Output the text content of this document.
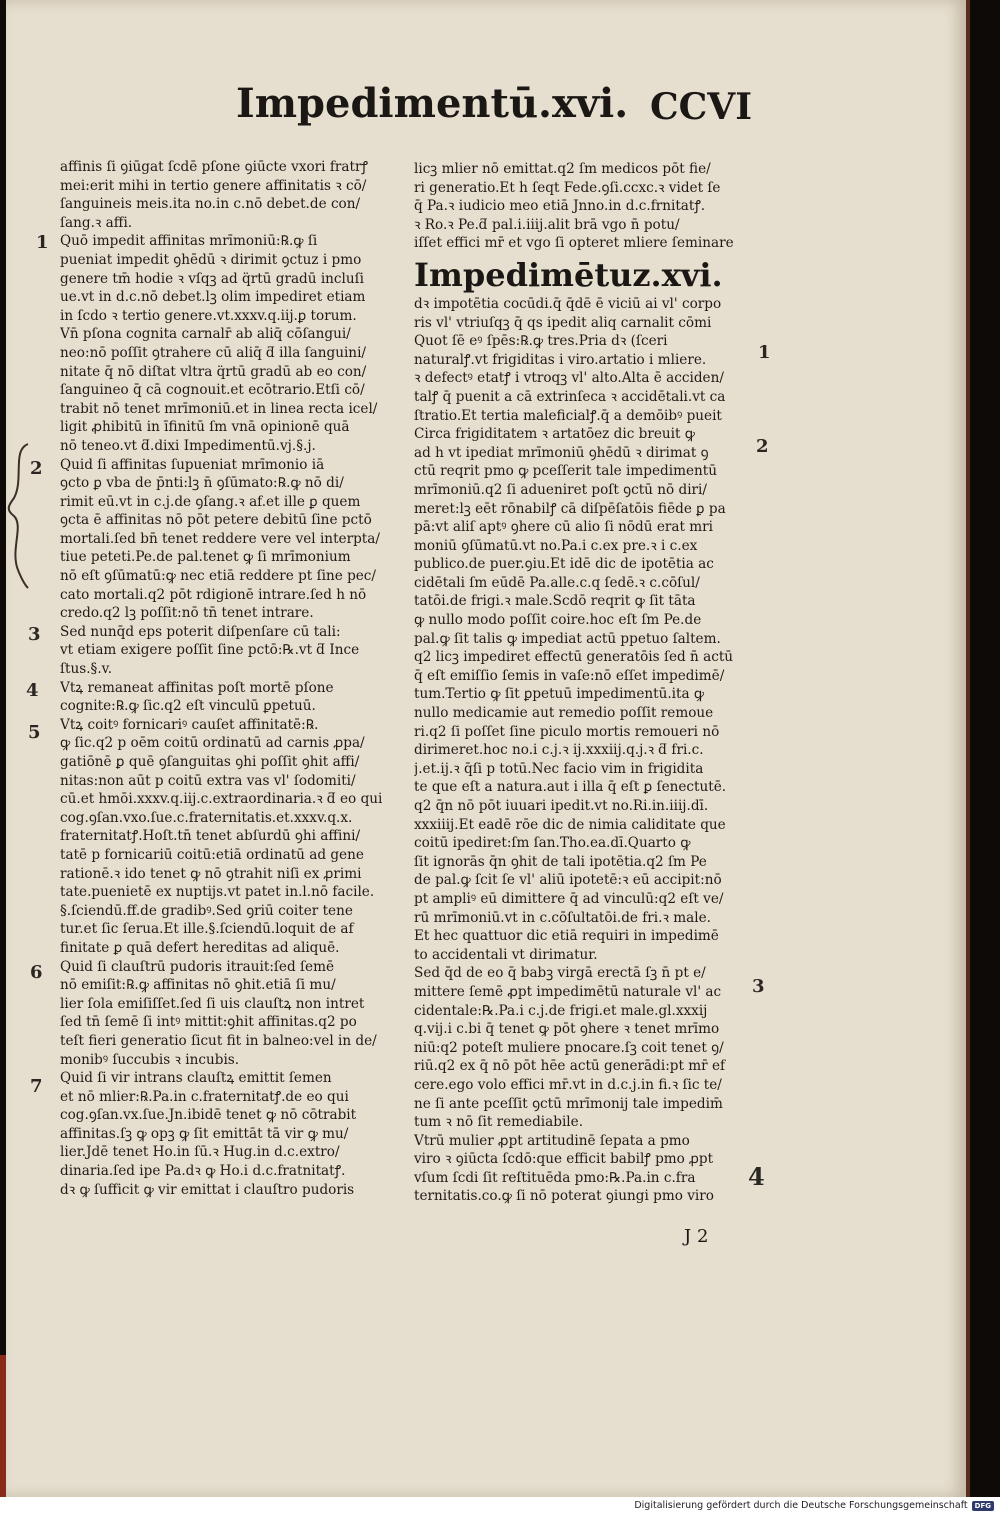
Impedimentū.xvi. CCVI
affinis ſi ꝯiūgat ſcdē pſone ꝯiūcte vxori fratrꝭ
mei:erit mihi in tertio genere affinitatis ꝛ cō/
ſanguineis meis.ita no.in c.nō debet.de con/
ſang.ꝛ affi.
Quō impedit affinitas mrīmoniū:℞.ꝙ ſi
pueniat impedit ꝯhēdū ꝛ dirimit ꝯctuz i pmo
genere tm̄ hodie ꝛ vſqꝫ ad q̈rtū gradū incluſi
ue.vt in d.c.nō debet.lꝫ olim impediret etiam
in ſcdo ꝛ tertio genere.vt.xxxv.q.iij.ꝑ torum.
Vn̄ pſona cognita carnalr̄ ab aliq̄ cōſangui/
neo:nō poſſit ꝯtrahere cū aliq̄ ƌ illa ſanguini/
nitate q̄ nō diſtat vltra q̈rtū gradū ab eo con/
ſanguineo q̄ cā cognouit.et ecōtrario.Etſi cō/
trabit nō tenet mrīmoniū.et in linea recta icel/
ligit ꝓhibitū in īfinitū ſm vnā opinionē quā
nō teneo.vt ƌ.dixi Impedimentū.vj.§.j.
Quid ſi affinitas ſupueniat mrīmonio iā
ꝯcto ꝑ vba de p̄nti:lꝫ n̄ ꝯſūmato:℞.ꝙ nō di/
rimit eū.vt in c.j.de ꝯſang.ꝛ af.et ille ꝑ quem
ꝯcta ē affinitas nō pōt petere debitū ſine pctō
mortali.ſed bn̄ tenet reddere vere vel interpta/
tiue peteti.Pe.de pal.tenet ꝙ ſi mrīmonium
nō eſt ꝯſūmatū:ꝙ nec etiā reddere pt ſine pec/
cato mortali.q2 pōt rdigionē intrare.ſed h nō
credo.q2 lꝫ poſſit:nō tn̄ tenet intrare.
Sed nunq̄d eps poterit diſpenſare cū tali:
vt etiam exigere poſſit ſine pctō:℞.vt ƌ Ince
ſtus.§.v.
Vtꝝ remaneat affinitas poſt mortē pſone
cognite:℞.ꝙ ſic.q2 eſt vinculū ꝑpetuū.
Vtꝝ coitꝰ fornicariꝰ cauſet affinitatē:℞.
ꝙ ſic.q2 p oēm coitū ordinatū ad carnis ꝓpa/
gatiōnē ꝑ quē ꝯſanguitas ꝯhi poſſit ꝯhit affi/
nitas:non aūt p coitū extra vas vl' ſodomiti/
cū.et hmōi.xxxv.q.iij.c.extraordinaria.ꝛ ƌ eo qui
cog.ꝯſan.vxo.ſue.c.fraternitatis.et.xxxv.q.x.
fraternitatꝭ.Hoſt.tn̄ tenet abſurdū ꝯhi affini/
tatē p fornicariū coitū:etiā ordinatū ad gene
rationē.ꝛ ido tenet ꝙ nō ꝯtrahit niſi ex ꝓrimi
tate.puenietē ex nuptijs.vt patet in.l.nō facile.
§.ſciendū.ff.de gradibꝰ.Sed ꝯriū coiter tene
tur.et ſic ſerua.Et ille.§.ſciendū.loquit de af
finitate ꝑ quā defert hereditas ad aliquē.
Quid ſi clauſtrū pudoris itrauit:ſed ſemē
nō emiſit:℞.ꝙ affinitas nō ꝯhit.etiā ſi mu/
lier ſola emiſiſſet.ſed ſi uis clauſtꝝ non intret
ſed tn̄ ſemē ſi intꝰ mittit:ꝯhit affinitas.q2 po
teſt fieri generatio ſicut fit in balneo:vel in de/
monibꝰ ſuccubis ꝛ incubis.
Quid ſi vir intrans clauſtꝝ emittit ſemen
et nō mlier:℞.Pa.in c.fraternitatꝭ.de eo qui
cog.ꝯſan.vx.ſue.Jn.ibidē tenet ꝙ nō cōtrabit
affinitas.ſꝫ ꝙ opꝫ ꝙ ſit emittāt tā vir ꝙ mu/
lier.Jdē tenet Ho.in ſū.ꝛ Hug.in d.c.extro/
dinaria.ſed ipe Pa.dꝛ ꝙ Ho.i d.c.fratnitatꝭ.
dꝛ ꝙ ſufficit ꝙ vir emittat i clauſtro pudoris
licꝫ mlier nō emittat.q2 ſm medicos pōt fie/
ri generatio.Et h ſeqt Fede.ꝯſi.ccxc.ꝛ videt ſe
q̄ Pa.ꝛ iudicio meo etiā Jnno.in d.c.frnitatꝭ.
ꝛ Ro.ꝛ Pe.ƌ pal.i.iiij.alit brā vgo n̄ potu/
iſſet effici mr̄ et vgo ſi opteret mliere ſeminare
Impedimētuz.xvi.
dꝛ impotētia cocūdi.q̄ q̄dē ē viciū ai vl' corpo
ris vl' vtriuſqꝫ q̄ qs ipedit aliq carnalit cōmi
Quot ſē eꝰ ſpēs:℞.ꝙ tres.Pria dꝛ (ſceri
naturalꝭ.vt frigiditas i viro.artatio i mliere.
ꝛ defectꝰ etatꝭ i vtroqꝫ vl' alto.Alta ē acciden/
talꝭ q̄ puenit a cā extrinſeca ꝛ accidētali.vt ca
ſtratio.Et tertia maleficialꝭ.q̄ a demōibꝰ pueit
Circa frigiditatem ꝛ artatōez dic breuit ꝙ
ad h vt ipediat mrīmoniū ꝯhēdū ꝛ dirimat ꝯ
ctū reqrit pmo ꝙ pceſſerit tale impedimentū
mrīmoniū.q2 ſi adueniret poſt ꝯctū nō diri/
meret:lꝫ eēt rōnabilꝭ cā diſpēſatōis fiēde ꝑ pa
pā:vt aliſ aptꝰ ꝯhere cū alio ſi nōdū erat mri
moniū ꝯſūmatū.vt no.Pa.i c.ex pre.ꝛ i c.ex
publico.de puer.ꝯiu.Et idē dic de ipotētia ac
cidētali ſm eūdē Pa.alle.c.q ſedē.ꝛ c.cōſul/
tatōi.de frigi.ꝛ male.Scdō reqrit ꝙ ſit tāta
ꝙ nullo modo poſſit coire.hoc eſt ſm Pe.de
pal.ꝙ ſit talis ꝙ impediat actū ppetuo ſaltem.
q2 licꝫ impediret effectū generatōis ſed n̄ actū
q̄ eſt emiſſio ſemis in vaſe:nō eſſet impedimē/
tum.Tertio ꝙ ſit ꝑpetuū impedimentū.ita ꝙ
nullo medicamie aut remedio poſſit remoue
ri.q2 ſi poſſet ſine piculo mortis remoueri nō
dirimeret.hoc no.i c.j.ꝛ ij.xxxiij.q.j.ꝛ ƌ fri.c.
j.et.ij.ꝛ q̄ſi p totū.Nec facio vim in frigidita
te que eſt a natura.aut i illa q̄ eſt ꝑ ſenectutē.
q2 q̄n nō pōt iuuari ipedit.vt no.Ri.in.iiij.dī.
xxxiiij.Et eadē rōe dic de nimia caliditate que
coitū ipediret:ſm ſan.Tho.ea.dī.Quarto ꝙ
ſit ignorās q̄n ꝯhit de tali ipotētia.q2 ſm Pe
de pal.ꝙ ſcit ſe vl' aliū ipotetē:ꝛ eū accipit:nō
pt ampliꝰ eū dimittere q̄ ad vinculū:q2 eſt ve/
rū mrīmoniū.vt in c.cōſultatōi.de fri.ꝛ male.
Et hec quattuor dic etiā requiri in impedimē
to accidentali vt dirimatur.
Sed q̄d de eo q̄ babꝫ virgā erectā ſꝫ n̄ pt e/
mittere ſemē ꝓpt impedimētū naturale vl' ac
cidentale:℞.Pa.i c.j.de frigi.et male.gl.xxxij
q.vij.i c.bi q̄ tenet ꝙ pōt ꝯhere ꝛ tenet mrīmo
niū:q2 poteſt muliere pnocare.ſꝫ coit tenet ꝯ/
riū.q2 ex q̄ nō pōt hēe actū generādi:pt mr̄ ef
cere.ego volo effici mr̄.vt in d.c.j.in fi.ꝛ ſic te/
ne ſi ante pceſſit ꝯctū mrīmonij tale impedim̄
tum ꝛ nō ſit remediabile.
Vtrū mulier ꝓpt artitudinē ſepata a pmo
viro ꝛ ꝯiūcta ſcdō:que efficit babilꝭ pmo ꝓpt
vſum ſcdi ſit reſtituēda pmo:℞.Pa.in c.fra
ternitatis.co.ꝙ ſi nō poterat ꝯiungi pmo viro
1
2
3
4
5
6
7
1
2
3
4
J 2
Digitalisierung gefördert durch die Deutsche Forschungsgemeinschaft	DFG
